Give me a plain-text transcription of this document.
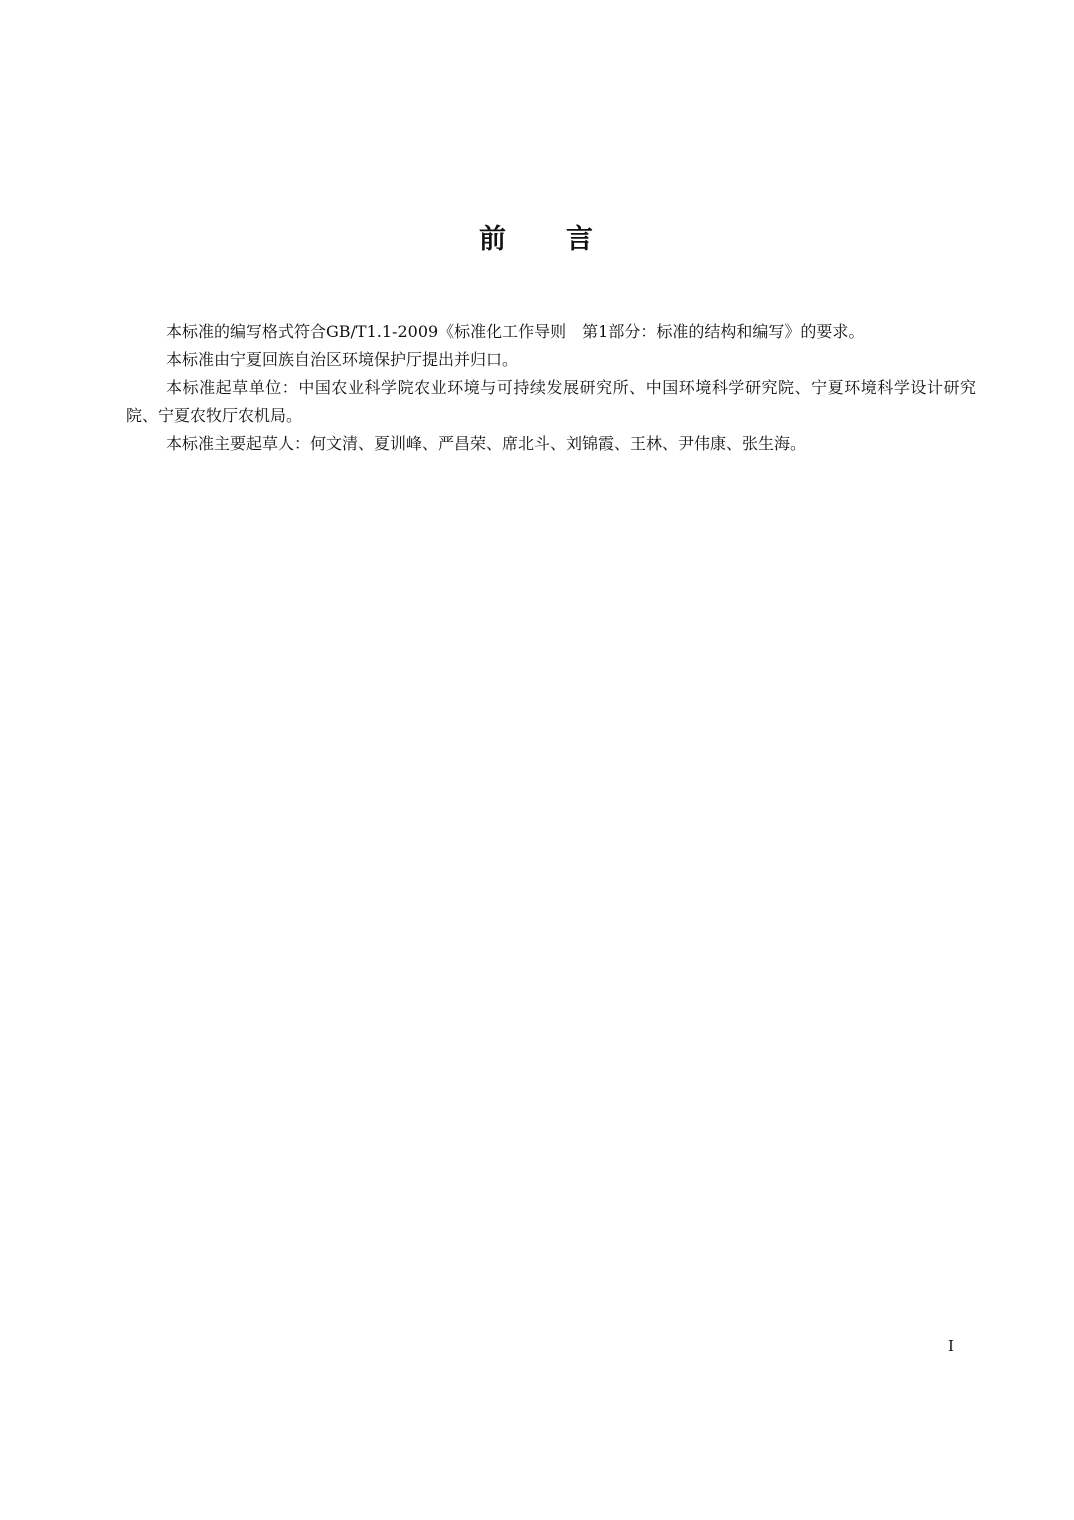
前 言

本标准的编写格式符合GB/T1.1-2009《标准化工作导则　第1部分：标准的结构和编写》的要求。

本标准由宁夏回族自治区环境保护厅提出并归口。

本标准起草单位：中国农业科学院农业环境与可持续发展研究所、中国环境科学研究院、宁夏环境科学设计研究院、宁夏农牧厅农机局。

本标准主要起草人：何文清、夏训峰、严昌荣、席北斗、刘锦霞、王林、尹伟康、张生海。

I
